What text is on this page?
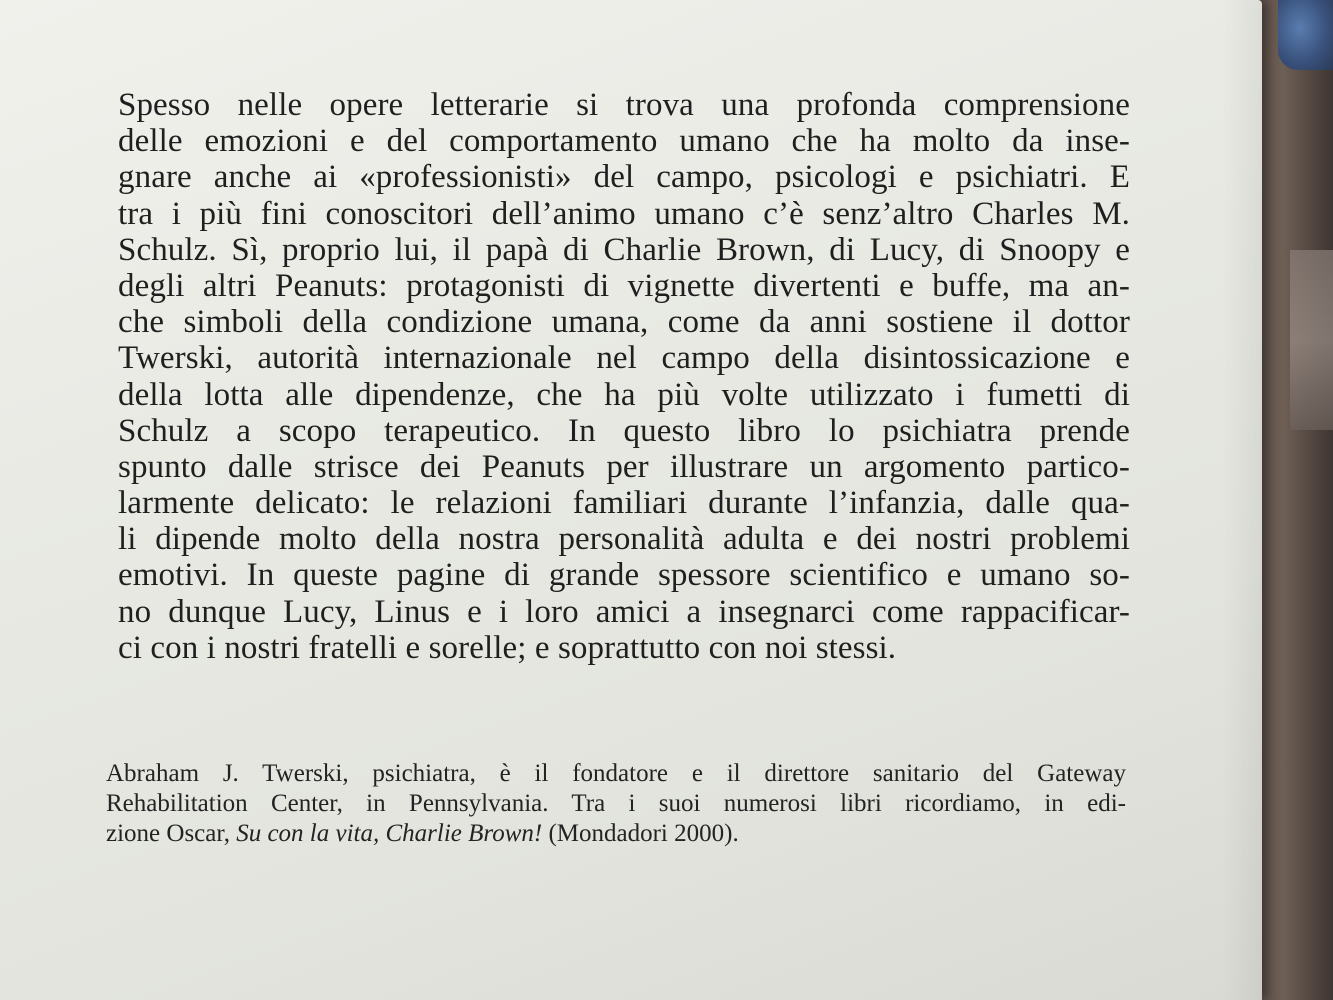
Spesso nelle opere letterarie si trova una profonda comprensione
delle emozioni e del comportamento umano che ha molto da inse-
gnare anche ai «professionisti» del campo, psicologi e psichiatri. E
tra i più fini conoscitori dell’animo umano c’è senz’altro Charles M.
Schulz. Sì, proprio lui, il papà di Charlie Brown, di Lucy, di Snoopy e
degli altri Peanuts: protagonisti di vignette divertenti e buffe, ma an-
che simboli della condizione umana, come da anni sostiene il dottor
Twerski, autorità internazionale nel campo della disintossicazione e
della lotta alle dipendenze, che ha più volte utilizzato i fumetti di
Schulz a scopo terapeutico. In questo libro lo psichiatra prende
spunto dalle strisce dei Peanuts per illustrare un argomento partico-
larmente delicato: le relazioni familiari durante l’infanzia, dalle qua-
li dipende molto della nostra personalità adulta e dei nostri problemi
emotivi. In queste pagine di grande spessore scientifico e umano so-
no dunque Lucy, Linus e i loro amici a insegnarci come rappacificar-
ci con i nostri fratelli e sorelle; e soprattutto con noi stessi.
Abraham J. Twerski, psichiatra, è il fondatore e il direttore sanitario del Gateway
Rehabilitation Center, in Pennsylvania. Tra i suoi numerosi libri ricordiamo, in edi-
zione Oscar, Su con la vita, Charlie Brown! (Mondadori 2000).
